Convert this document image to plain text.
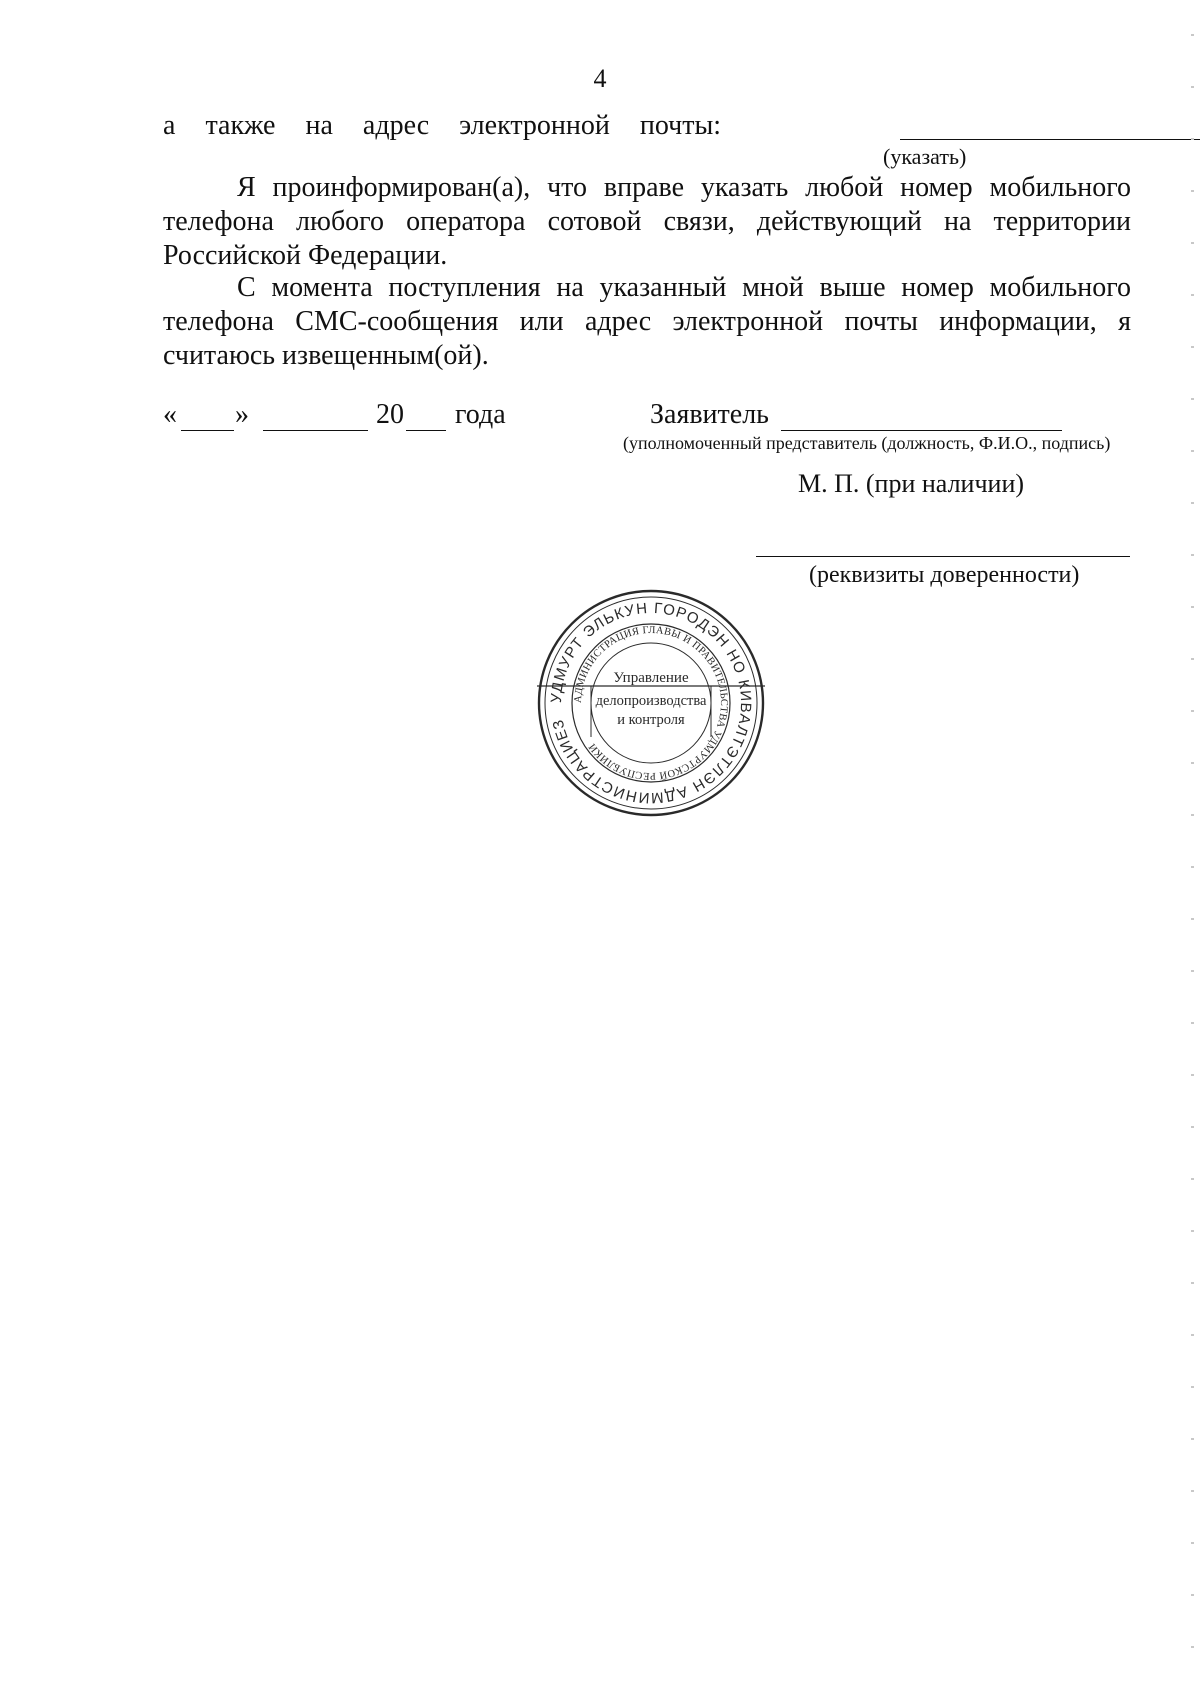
4
а также на адрес электронной почты:
(указать)
Я проинформирован(а), что вправе указать любой номер мобильного телефона любого оператора сотовой связи, действующий на территории Российской Федерации.
С момента поступления на указанный мной выше номер мобильного телефона СМС-сообщения или адрес электронной почты информации, я считаюсь извещенным(ой).
« »	20 года	Заявитель
(уполномоченный представитель (должность, Ф.И.О., подпись)
М. П. (при наличии)
(реквизиты доверенности)
УДМУРТ ЭЛЬКУН ГОРОДЭН НО КИВАЛТЭТЛЭН АДМИНИСТРАЦИЕЗ
АДМИНИСТРАЦИЯ ГЛАВЫ И ПРАВИТЕЛЬСТВА УДМУРТСКОЙ РЕСПУБЛИКИ
Управление
делопроизводства
и контроля
